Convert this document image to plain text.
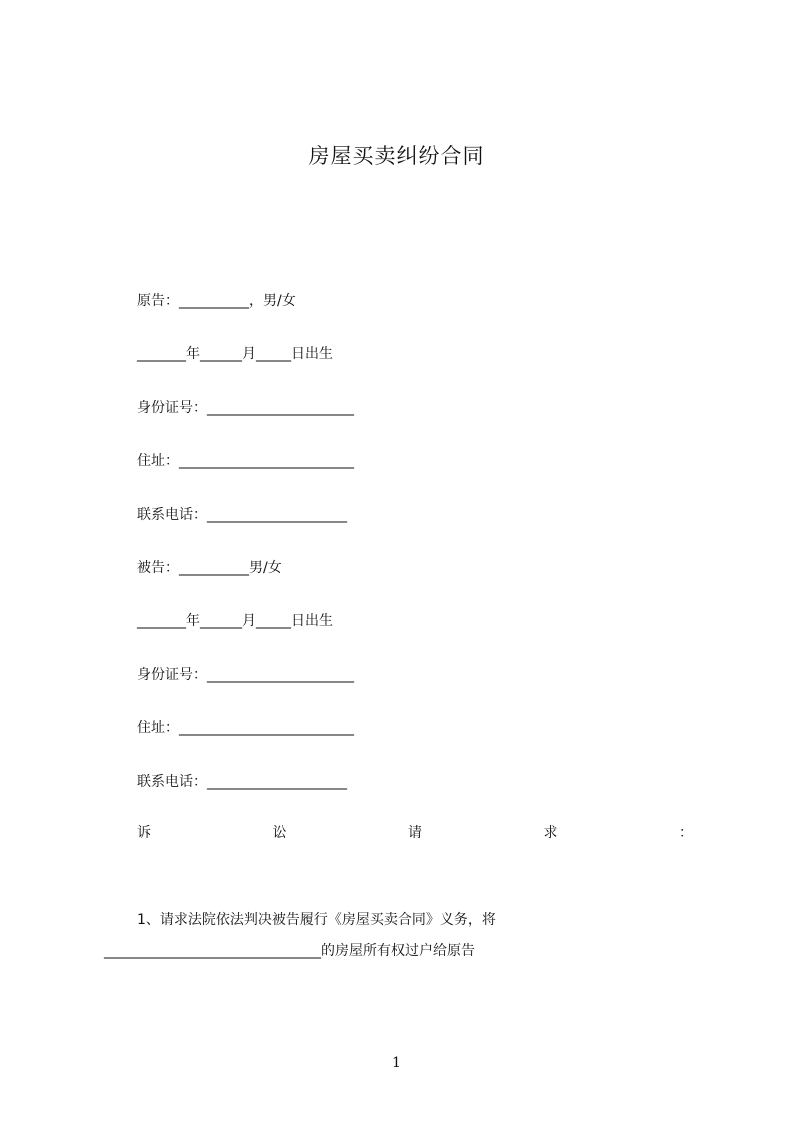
房屋买卖纠纷合同
原告：__________，男/女
_______年______月_____日出生
身份证号：_____________________
住址：_________________________
联系电话：____________________
被告：__________男/女
_______年______月_____日出生
身份证号：_____________________
住址：_________________________
联系电话：____________________
诉	讼	请	求	：
1、请求法院依法判决被告履行《房屋买卖合同》义务，将_______________________________的房屋所有权过户给原告
1
